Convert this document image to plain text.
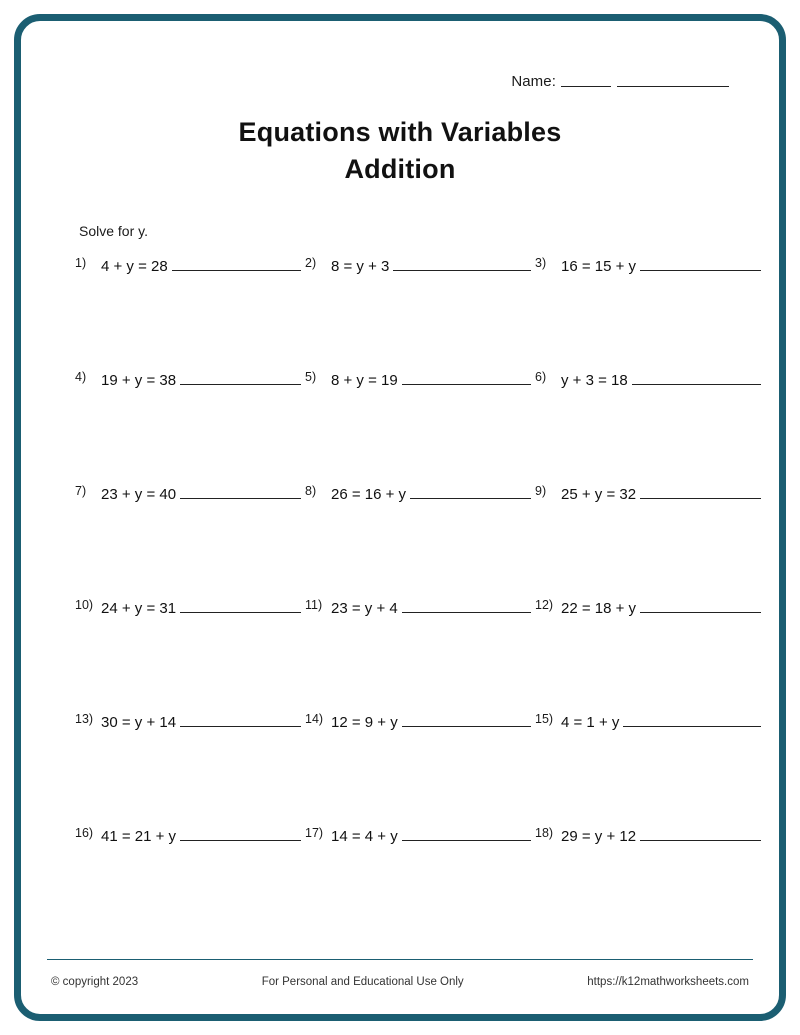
Name:
Equations with Variables
Addition
Solve for y.
1) 4 + y = 28	2) 8 = y + 3	3) 16 = 15 + y
4) 19 + y = 38	5) 8 + y = 19	6) y + 3 = 18
7) 23 + y = 40	8) 26 = 16 + y	9) 25 + y = 32
10) 24 + y = 31	11) 23 = y + 4	12) 22 = 18 + y
13) 30 = y + 14	14) 12 = 9 + y	15) 4 = 1 + y
16) 41 = 21 + y	17) 14 = 4 + y	18) 29 = y + 12
© copyright 2023	For Personal and Educational Use Only	https://k12mathworksheets.com
